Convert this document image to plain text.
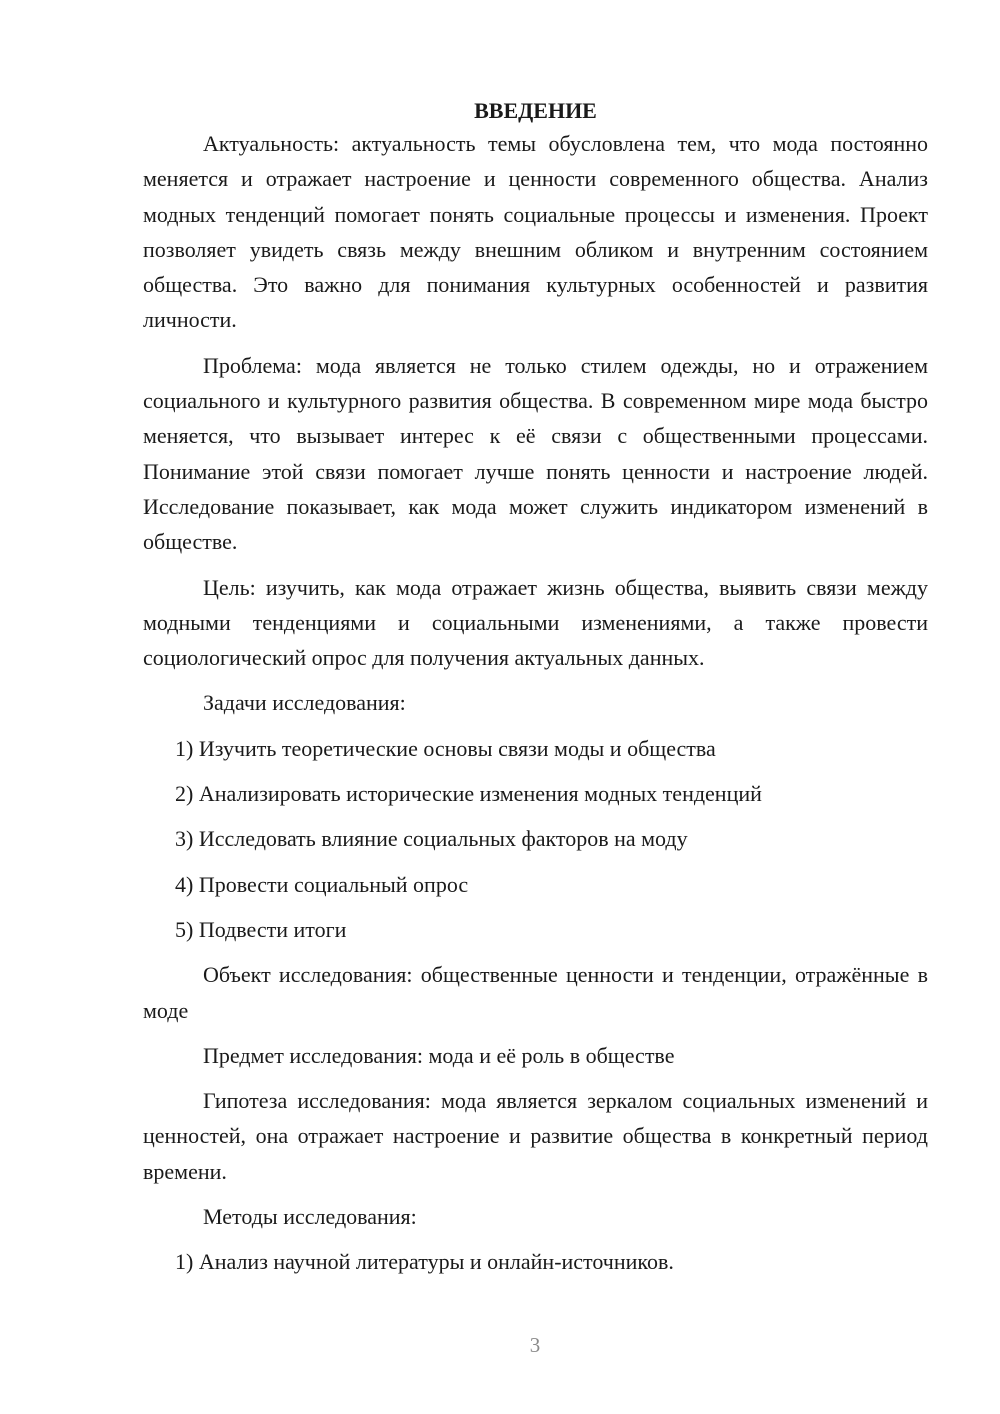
ВВЕДЕНИЕ

Актуальность: актуальность темы обусловлена тем, что мода постоянно меняется и отражает настроение и ценности современного общества. Анализ модных тенденций помогает понять социальные процессы и изменения. Проект позволяет увидеть связь между внешним обликом и внутренним состоянием общества. Это важно для понимания культурных особенностей и развития личности.

Проблема: мода является не только стилем одежды, но и отражением социального и культурного развития общества. В современном мире мода быстро меняется, что вызывает интерес к её связи с общественными процессами. Понимание этой связи помогает лучше понять ценности и настроение людей. Исследование показывает, как мода может служить индикатором изменений в обществе.

Цель: изучить, как мода отражает жизнь общества, выявить связи между модными тенденциями и социальными изменениями, а также провести социологический опрос для получения актуальных данных.

Задачи исследования:
1) Изучить теоретические основы связи моды и общества
2) Анализировать исторические изменения модных тенденций
3) Исследовать влияние социальных факторов на моду
4) Провести социальный опрос
5) Подвести итоги

Объект исследования: общественные ценности и тенденции, отражённые в моде

Предмет исследования: мода и её роль в обществе

Гипотеза исследования: мода является зеркалом социальных изменений и ценностей, она отражает настроение и развитие общества в конкретный период времени.

Методы исследования:
1) Анализ научной литературы и онлайн-источников.
3
